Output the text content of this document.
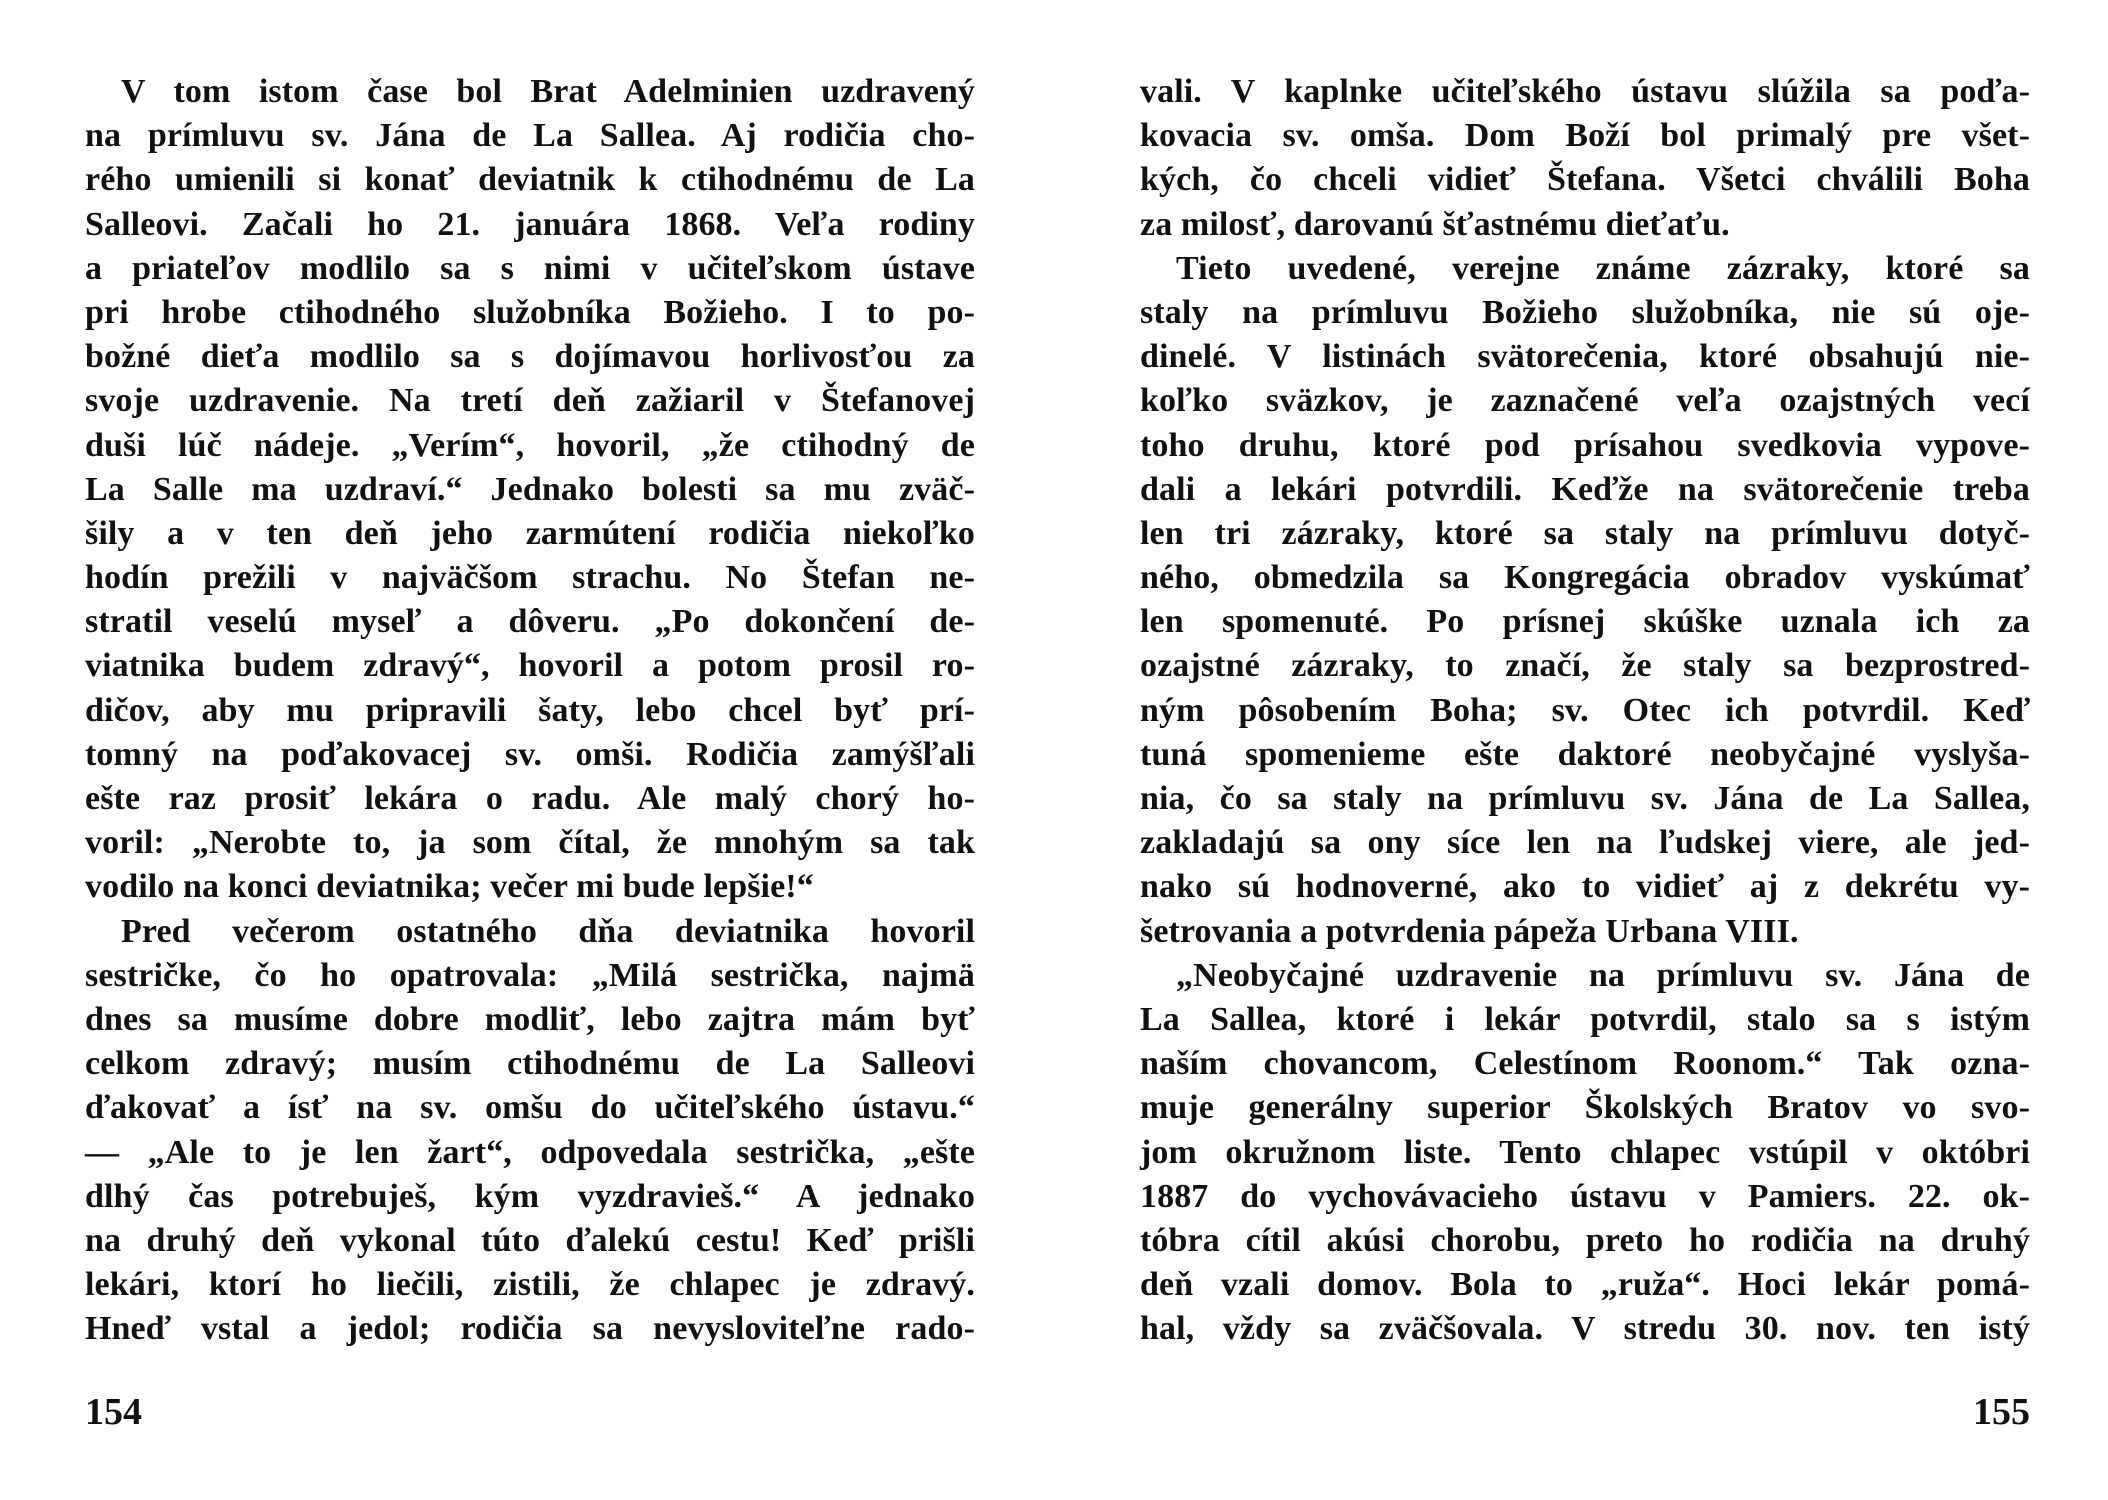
V tom istom čase bol Brat Adelminien uzdravený
na prímluvu sv. Jána de La Sallea. Aj rodičia cho-
rého umienili si konať deviatnik k ctihodnému de La
Salleovi. Začali ho 21. januára 1868. Veľa rodiny
a priateľov modlilo sa s nimi v učiteľskom ústave
pri hrobe ctihodného služobníka Božieho. I to po-
božné dieťa modlilo sa s dojímavou horlivosťou za
svoje uzdravenie. Na tretí deň zažiaril v Štefanovej
duši lúč nádeje. „Verím“, hovoril, „že ctihodný de
La Salle ma uzdraví.“ Jednako bolesti sa mu zväč-
šily a v ten deň jeho zarmútení rodičia niekoľko
hodín prežili v najväčšom strachu. No Štefan ne-
stratil veselú myseľ a dôveru. „Po dokončení de-
viatnika budem zdravý“, hovoril a potom prosil ro-
dičov, aby mu pripravili šaty, lebo chcel byť prí-
tomný na poďakovacej sv. omši. Rodičia zamýšľali
ešte raz prosiť lekára o radu. Ale malý chorý ho-
voril: „Nerobte to, ja som čítal, že mnohým sa tak
vodilo na konci deviatnika; večer mi bude lepšie!“
Pred večerom ostatného dňa deviatnika hovoril
sestričke, čo ho opatrovala: „Milá sestrička, najmä
dnes sa musíme dobre modliť, lebo zajtra mám byť
celkom zdravý; musím ctihodnému de La Salleovi
ďakovať a ísť na sv. omšu do učiteľského ústavu.“
— „Ale to je len žart“, odpovedala sestrička, „ešte
dlhý čas potrebuješ, kým vyzdravieš.“ A jednako
na druhý deň vykonal túto ďalekú cestu! Keď prišli
lekári, ktorí ho liečili, zistili, že chlapec je zdravý.
Hneď vstal a jedol; rodičia sa nevysloviteľne rado-
154
vali. V kaplnke učiteľského ústavu slúžila sa poďa-
kovacia sv. omša. Dom Boží bol primalý pre všet-
kých, čo chceli vidieť Štefana. Všetci chválili Boha
za milosť, darovanú šťastnému dieťaťu.
Tieto uvedené, verejne známe zázraky, ktoré sa
staly na prímluvu Božieho služobníka, nie sú oje-
dinelé. V listinách svätorečenia, ktoré obsahujú nie-
koľko sväzkov, je zaznačené veľa ozajstných vecí
toho druhu, ktoré pod prísahou svedkovia vypove-
dali a lekári potvrdili. Keďže na svätorečenie treba
len tri zázraky, ktoré sa staly na prímluvu dotyč-
ného, obmedzila sa Kongregácia obradov vyskúmať
len spomenuté. Po prísnej skúške uznala ich za
ozajstné zázraky, to značí, že staly sa bezprostred-
ným pôsobením Boha; sv. Otec ich potvrdil. Keď
tuná spomenieme ešte daktoré neobyčajné vyslyša-
nia, čo sa staly na prímluvu sv. Jána de La Sallea,
zakladajú sa ony síce len na ľudskej viere, ale jed-
nako sú hodnoverné, ako to vidieť aj z dekrétu vy-
šetrovania a potvrdenia pápeža Urbana VIII.
„Neobyčajné uzdravenie na prímluvu sv. Jána de
La Sallea, ktoré i lekár potvrdil, stalo sa s istým
naším chovancom, Celestínom Roonom.“ Tak ozna-
muje generálny superior Školských Bratov vo svo-
jom okružnom liste. Tento chlapec vstúpil v októbri
1887 do vychovávacieho ústavu v Pamiers. 22. ok-
tóbra cítil akúsi chorobu, preto ho rodičia na druhý
deň vzali domov. Bola to „ruža“. Hoci lekár pomá-
hal, vždy sa zväčšovala. V stredu 30. nov. ten istý
155
